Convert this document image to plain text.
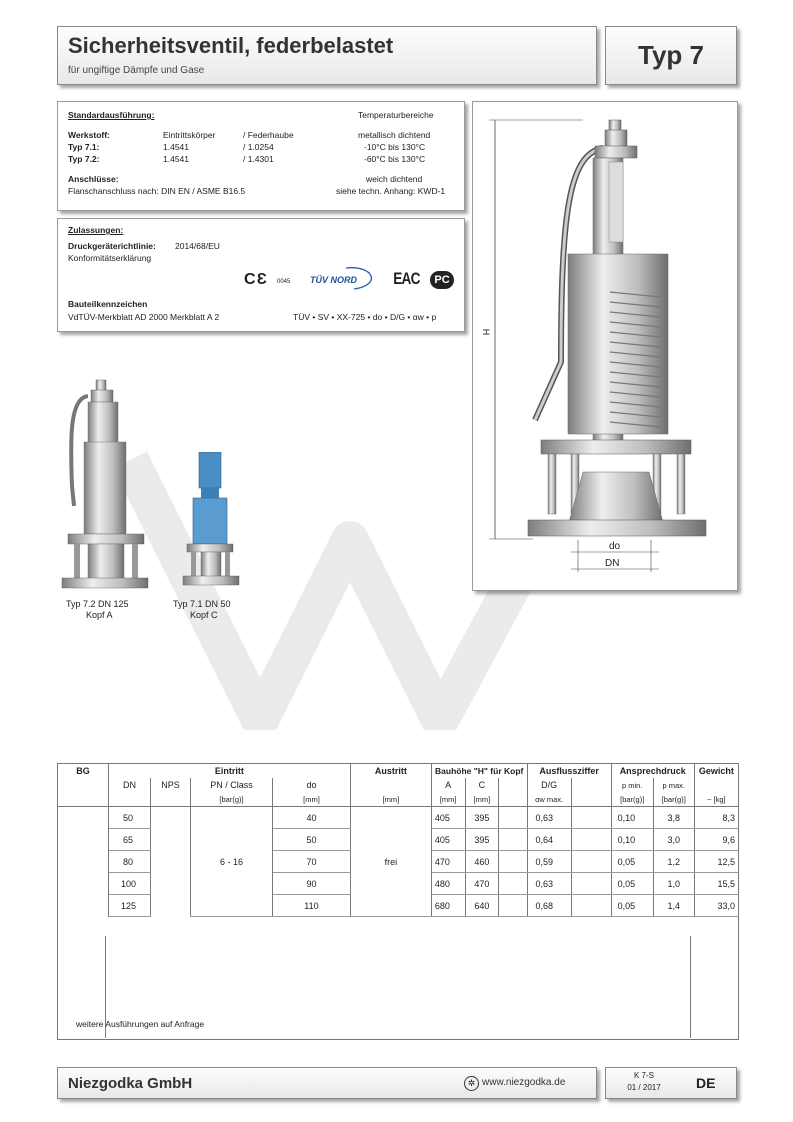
Sicherheitsventil, federbelastet
für ungiftige Dämpfe und Gase
Typ 7
Standardausführung:	Temperaturbereiche
Werkstoff:	Eintrittskörper	/ Federhaube	metallisch dichtend
Typ 7.1:	1.4541	/ 1.0254	-10°C bis 130°C
Typ 7.2:	1.4541	/ 1.4301	-60°C bis 130°C
Anschlüsse:
Flanschanschluss nach: DIN EN / ASME B16.5
weich dichtend
siehe techn. Anhang: KWD-1
Zulassungen:
Druckgeräterichtlinie: 2014/68/EU
Konformitätserklärung
C Ɛ 0045 TÜV NORD EAC	PC
Bauteilkennzeichen
VdTÜV-Merkblatt AD 2000 Merkblatt A 2	TÜV • SV • XX-725 • do • D/G • αw • p
H
do
DN
Typ 7.2 DN 125
Kopf A
Typ 7.1 DN 50
Kopf C
BG	Eintritt				Austritt	Bauhöhe "H" für Kopf			Ausflussziffer		Ansprechdruck		Gewicht
	DN	NPS	PN / Class	do		A	C		D/G		p min.	p max.	
			[bar(g)]	[mm]	[mm]	[mm]	[mm]		αw max.		[bar(g)]	[bar(g)]	~ [kg]
	50		6 - 16	40	frei	405	395		0,63		0,10	3,8	8,3
	65			50		405	395		0,64		0,10	3,0	9,6
	80			70		470	460		0,59		0,05	1,2	12,5
	100			90		480	470		0,63		0,05	1,0	15,5
	125			110		680	640		0,68		0,05	1,4	33,0
weitere Ausführungen auf Anfrage
Niezgodka GmbH	✲ www.niezgodka.de
K 7-S
01 / 2017	DE
